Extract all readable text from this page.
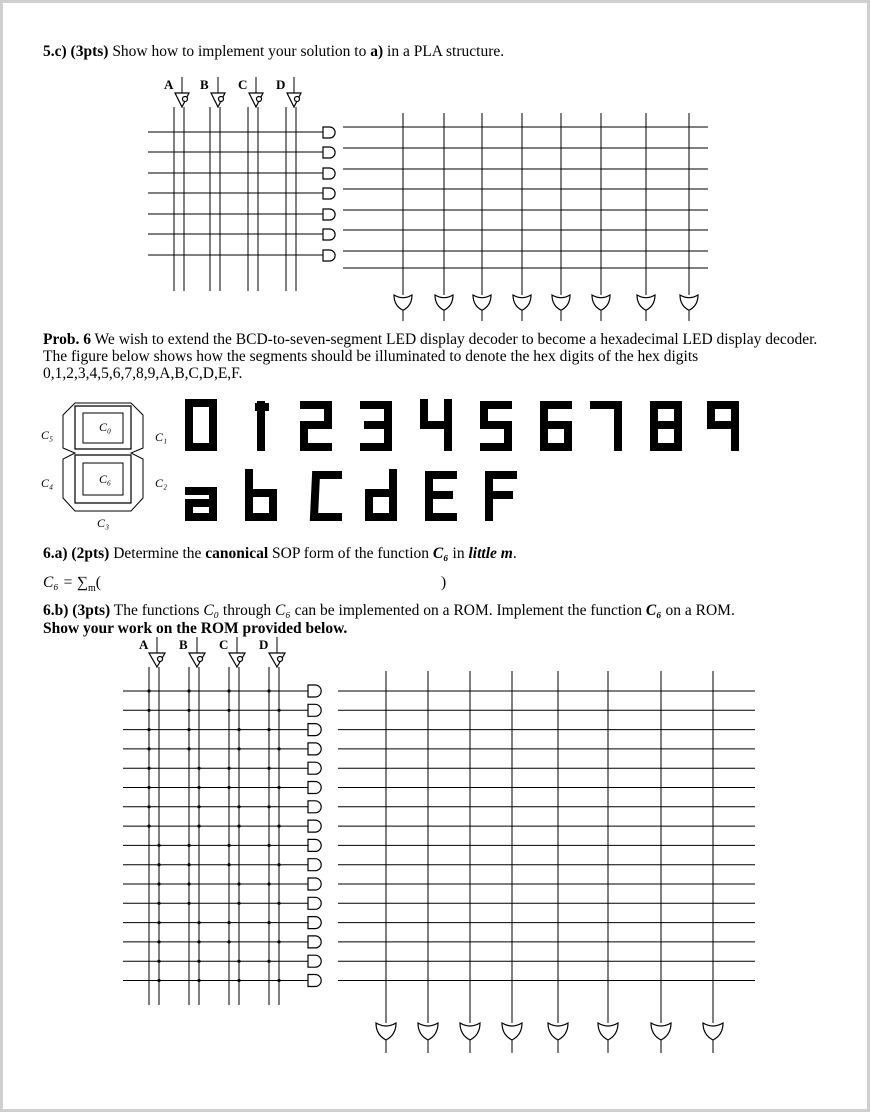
5.c) (3pts) Show how to implement your solution to a) in a PLA structure.
A B C D
Prob. 6 We wish to extend the BCD-to-seven-segment LED display decoder to become a hexadecimal LED display decoder. The figure below shows how the segments should be illuminated to denote the hex digits of the hex digits 0,1,2,3,4,5,6,7,8,9,A,B,C,D,E,F.
C₀
C₁
C₂
C₃
C₄
C₅
C₆
6.a) (2pts) Determine the canonical SOP form of the function C₆ in little m.
$C_6 = \sum_m$(	)
6.b) (3pts) The functions C₀ through C₆ can be implemented on a ROM. Implement the function C₆ on a ROM.
Show your work on the ROM provided below.
A B C D
